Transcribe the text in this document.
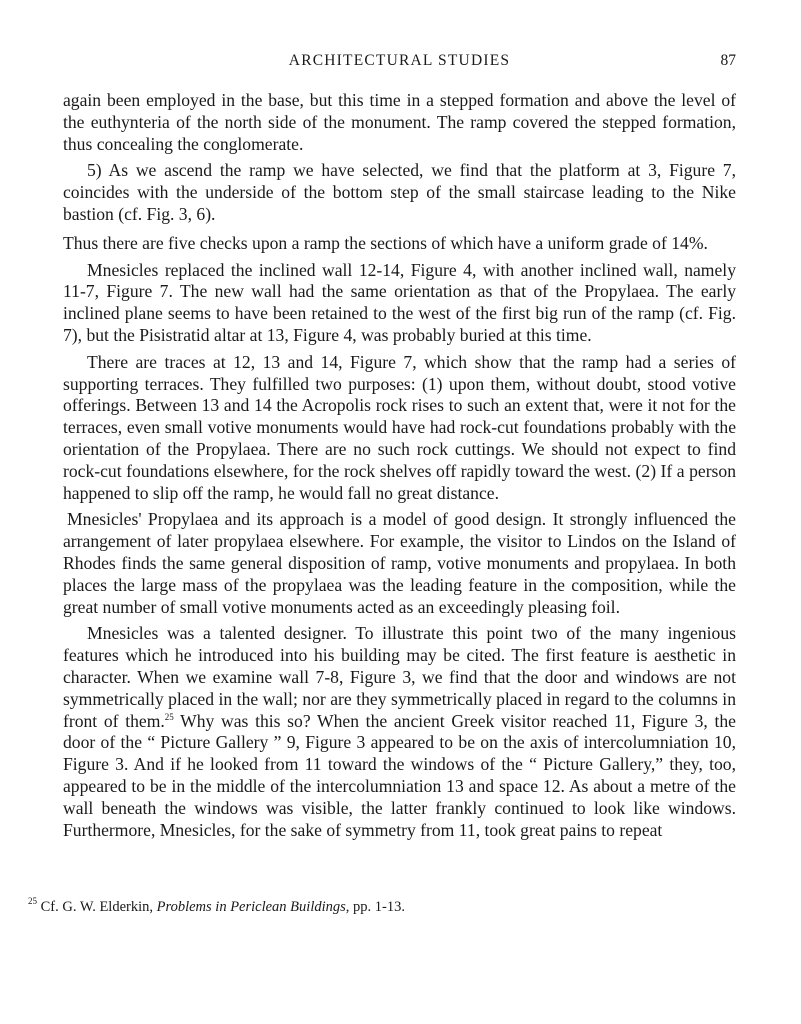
ARCHITECTURAL STUDIES	87

again been employed in the base, but this time in a stepped formation and above the level of the euthynteria of the north side of the monument. The ramp covered the stepped formation, thus concealing the conglomerate.

5) As we ascend the ramp we have selected, we find that the platform at 3, Figure 7, coincides with the underside of the bottom step of the small staircase leading to the Nike bastion (cf. Fig. 3, 6).

Thus there are five checks upon a ramp the sections of which have a uniform grade of 14%.

Mnesicles replaced the inclined wall 12-14, Figure 4, with another inclined wall, namely 11-7, Figure 7. The new wall had the same orientation as that of the Propylaea. The early inclined plane seems to have been retained to the west of the first big run of the ramp (cf. Fig. 7), but the Pisistratid altar at 13, Figure 4, was probably buried at this time.

There are traces at 12, 13 and 14, Figure 7, which show that the ramp had a series of supporting terraces. They fulfilled two purposes: (1) upon them, without doubt, stood votive offerings. Between 13 and 14 the Acropolis rock rises to such an extent that, were it not for the terraces, even small votive monuments would have had rock-cut foundations probably with the orientation of the Propylaea. There are no such rock cuttings. We should not expect to find rock-cut foundations elsewhere, for the rock shelves off rapidly toward the west. (2) If a person happened to slip off the ramp, he would fall no great distance.

Mnesicles' Propylaea and its approach is a model of good design. It strongly influenced the arrangement of later propylaea elsewhere. For example, the visitor to Lindos on the Island of Rhodes finds the same general disposition of ramp, votive monuments and propylaea. In both places the large mass of the propylaea was the leading feature in the composition, while the great number of small votive monuments acted as an exceedingly pleasing foil.

Mnesicles was a talented designer. To illustrate this point two of the many ingenious features which he introduced into his building may be cited. The first feature is aesthetic in character. When we examine wall 7-8, Figure 3, we find that the door and windows are not symmetrically placed in the wall; nor are they symmetrically placed in regard to the columns in front of them.$^{25}$ Why was this so? When the ancient Greek visitor reached 11, Figure 3, the door of the “ Picture Gallery ” 9, Figure 3 appeared to be on the axis of intercolumniation 10, Figure 3. And if he looked from 11 toward the windows of the “ Picture Gallery,” they, too, appeared to be in the middle of the intercolumniation 13 and space 12. As about a metre of the wall beneath the windows was visible, the latter frankly continued to look like windows. Furthermore, Mnesicles, for the sake of symmetry from 11, took great pains to repeat

$^{25}$ Cf. G. W. Elderkin, Problems in Periclean Buildings, pp. 1-13.
